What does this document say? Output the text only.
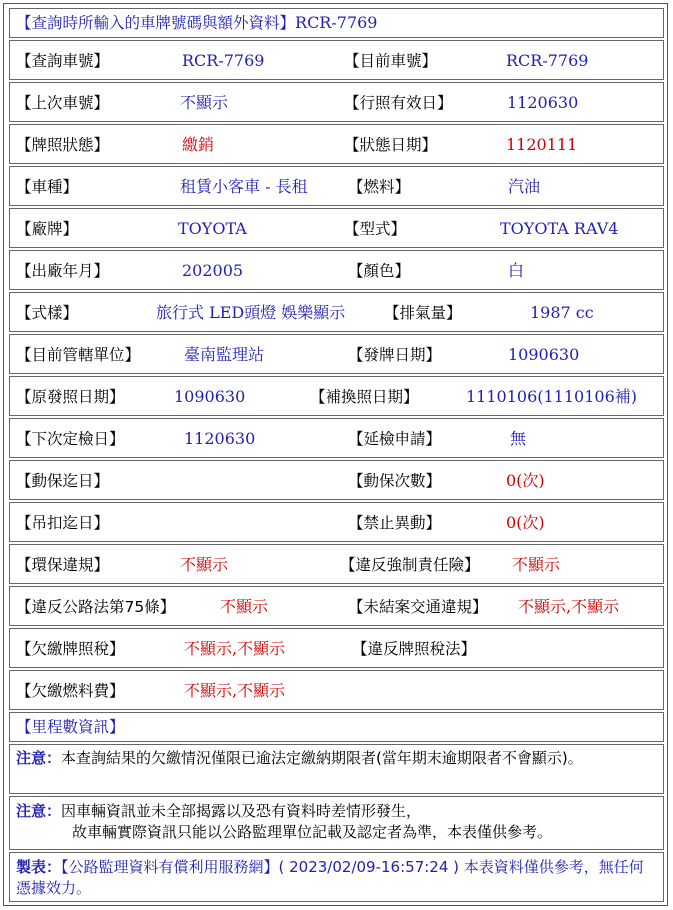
【查詢時所輸入的車牌號碼與額外資料】RCR-7769
【查詢車號】	RCR-7769	【目前車號】	RCR-7769
【上次車號】	不顯示	【行照有效日】	1120630
【牌照狀態】	繳銷	【狀態日期】	1120111
【車種】	租賃小客車 - 長租	【燃料】	汽油
【廠牌】	TOYOTA	【型式】	TOYOTA RAV4
【出廠年月】	202005	【顏色】	白
【式樣】	旅行式 LED頭燈 娛樂顯示 【排氣量】	1987 cc
【目前管轄單位】	臺南監理站	【發牌日期】	1090630
【原發照日期】	1090630	【補換照日期】	1110106(1110106補)
【下次定檢日】	1120630	【延檢申請】	無
【動保迄日】	【動保次數】	0(次)
【吊扣迄日】	【禁止異動】	0(次)
【環保違規】	不顯示	【違反強制責任險】 不顯示
【違反公路法第75條】	不顯示	【未結案交通違規】 不顯示,不顯示
【欠繳牌照稅】	不顯示,不顯示	【違反牌照稅法】
【欠繳燃料費】	不顯示,不顯示
【里程數資訊】
注意：本查詢結果的欠繳情況僅限已逾法定繳納期限者(當年期末逾期限者不會顯示)。
注意：因車輛資訊並未全部揭露以及恐有資料時差情形發生，
故車輛實際資訊只能以公路監理單位記載及認定者為準，本表僅供參考。
製表：【公路監理資料有償利用服務網】( 2023/02/09-16:57:24 ) 本表資料僅供參考，無任何憑據效力。
